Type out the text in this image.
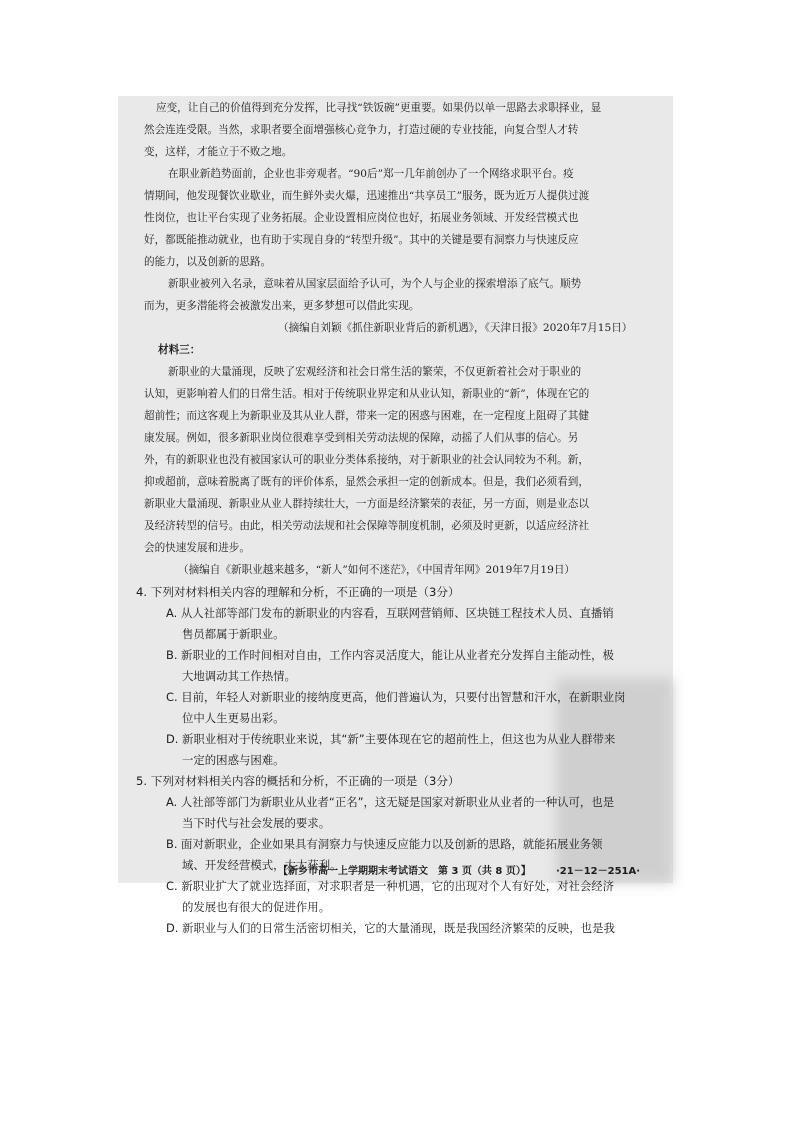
应变，让自己的价值得到充分发挥，比寻找“铁饭碗”更重要。如果仍以单一思路去求职择业，显
然会连连受限。当然，求职者要全面增强核心竞争力，打造过硬的专业技能，向复合型人才转
变，这样，才能立于不败之地。
在职业新趋势面前，企业也非旁观者。“90后”郑一几年前创办了一个网络求职平台。疫
情期间，他发现餐饮业歇业，而生鲜外卖火爆，迅速推出“共享员工”服务，既为近万人提供过渡
性岗位，也让平台实现了业务拓展。企业设置相应岗位也好，拓展业务领域、开发经营模式也
好，都既能推动就业，也有助于实现自身的“转型升级”。其中的关键是要有洞察力与快速反应
的能力，以及创新的思路。
新职业被列入名录，意味着从国家层面给予认可，为个人与企业的探索增添了底气。顺势
而为，更多潜能将会被激发出来，更多梦想可以借此实现。
（摘编自刘颖《抓住新职业背后的新机遇》，《天津日报》2020年7月15日）
材料三：
新职业的大量涌现，反映了宏观经济和社会日常生活的繁荣，不仅更新着社会对于职业的
认知，更影响着人们的日常生活。相对于传统职业界定和从业认知，新职业的“新”，体现在它的
超前性；而这客观上为新职业及其从业人群，带来一定的困惑与困难，在一定程度上阻碍了其健
康发展。例如，很多新职业岗位很难享受到相关劳动法规的保障，动摇了人们从事的信心。另
外，有的新职业也没有被国家认可的职业分类体系接纳，对于新职业的社会认同较为不利。新，
抑或超前，意味着脱离了既有的评价体系，显然会承担一定的创新成本。但是，我们必须看到，
新职业大量涌现、新职业从业人群持续壮大，一方面是经济繁荣的表征，另一方面，则是业态以
及经济转型的信号。由此，相关劳动法规和社会保障等制度机制，必须及时更新，以适应经济社
会的快速发展和进步。
（摘编自《新职业越来越多，“新人”如何不迷茫》，《中国青年网》2019年7月19日）
4. 下列对材料相关内容的理解和分析，不正确的一项是（3分）
A. 从人社部等部门发布的新职业的内容看，互联网营销师、区块链工程技术人员、直播销
售员都属于新职业。
B. 新职业的工作时间相对自由，工作内容灵活度大，能让从业者充分发挥自主能动性，极
大地调动其工作热情。
C. 目前，年轻人对新职业的接纳度更高，他们普遍认为，只要付出智慧和汗水，在新职业岗
位中人生更易出彩。
D. 新职业相对于传统职业来说，其“新”主要体现在它的超前性上，但这也为从业人群带来
一定的困惑与困难。
5. 下列对材料相关内容的概括和分析，不正确的一项是（3分）
A. 人社部等部门为新职业从业者“正名”，这无疑是国家对新职业从业者的一种认可，也是
当下时代与社会发展的要求。
B. 面对新职业，企业如果具有洞察力与快速反应能力以及创新的思路，就能拓展业务领
域、开发经营模式，大大获利。
C. 新职业扩大了就业选择面，对求职者是一种机遇，它的出现对个人有好处，对社会经济
的发展也有很大的促进作用。
D. 新职业与人们的日常生活密切相关，它的大量涌现，既是我国经济繁荣的反映，也是我
【新乡市高一上学期期末考试语文　第 3 页（共 8 页）】	·21－12－251A·
